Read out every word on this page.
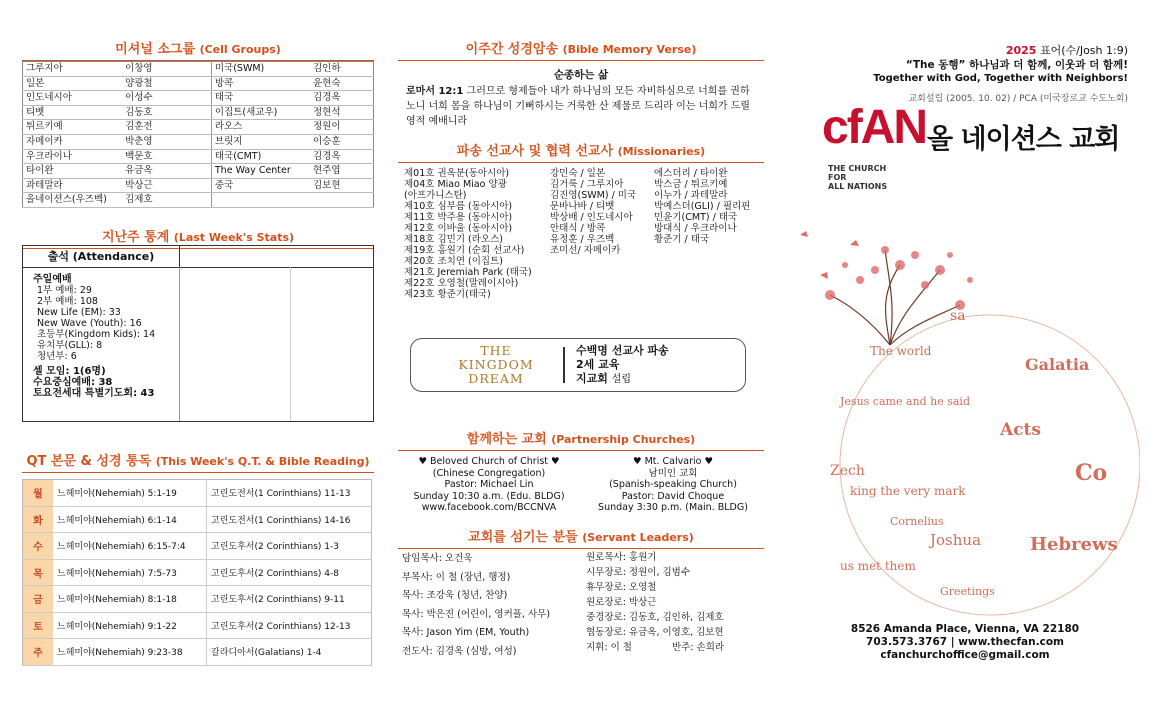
미셔널 소그룹 (Cell Groups)
그루지아	이창영	미국(SWM)	김인하
일본	양광철	방콕	윤현숙
인도네시아	이성수	태국	김경옥
티벳	김동호	이집트(새교우)	정현석
튀르키예	김훈전	라오스	정원이
자메이카	박춘영	브릿지	이승훈
우크라이나	백문호	태국(CMT)	김경옥
타이완	유금옥	The Way Center	현주엽
과테말라	박상근	중국	김보현
올네이션스(우즈벡)	김제호		
지난주 통계 (Last Week's Stats)
출석 (Attendance)
주일예배
1부 예배: 29
2부 예배: 108
New Life (EM): 33
New Wave (Youth): 16
초등부(Kingdom Kids): 14
유치부(GLL): 8
청년부: 6
셀 모임: 1(6명)
수요중심예배: 38
토요전세대 특별기도회: 43
QT 본문 & 성경 통독 (This Week's Q.T. & Bible Reading)
월	느헤미야(Nehemiah) 5:1-19	고린도전서(1 Corinthians) 11-13
화	느헤미야(Nehemiah) 6:1-14	고린도전서(1 Corinthians) 14-16
수	느헤미야(Nehemiah) 6:15-7:4	고린도후서(2 Corinthians) 1-3
목	느헤미야(Nehemiah) 7:5-73	고린도후서(2 Corinthians) 4-8
금	느헤미야(Nehemiah) 8:1-18	고린도후서(2 Corinthians) 9-11
토	느헤미야(Nehemiah) 9:1-22	고린도후서(2 Corinthians) 12-13
주	느헤미야(Nehemiah) 9:23-38	갈라디아서(Galatians) 1-4
이주간 성경암송 (Bible Memory Verse)
순종하는 삶
로마서 12:1 그러므로 형제들아 내가 하나님의 모든 자비하심으로 너희를 권하노니 너희 몸을 하나님이 기뻐하시는 거룩한 산 제물로 드리라 이는 너희가 드릴 영적 예배니라
파송 선교사 및 협력 선교사 (Missionaries)
제01호 권옥분(동아시아)
제04호 Miao Miao 양광
(아프가니스탄)
제10호 심부름 (동아시아)
제11호 박주용 (동아시아)
제12호 이바울 (동아시아)
제18호 김민기 (라오스)
제19호 홍원기 (순회 선교사)
제20호 조치연 (이집트)
제21호 Jeremiah Park (태국)
제22호 오영철(말레이시아)
제23호 황준기(태국)
강민숙 / 일본
김거룩 / 그루지아
김진영(SWM) / 미국
문바나바 / 티벳
박상배 / 인도네시아
안태식 / 방콕
유정훈 / 우즈벡
조미선/ 자메이카
에스더리 / 타이완
박스금 / 튀르키예
이누가 / 과테말라
박예스더(GLI) / 필리핀
민윤기(CMT) / 태국
방대식 / 우크라이나
황준기 / 태국
THE
KINGDOM
DREAM
수백명 선교사 파송
2세 교육
지교회 설립
함께하는 교회 (Partnership Churches)
♥ Beloved Church of Christ ♥
(Chinese Congregation)
Pastor: Michael Lin
Sunday 10:30 a.m. (Edu. BLDG)
www.facebook.com/BCCNVA
♥ Mt. Calvario ♥
남미인 교회
(Spanish-speaking Church)
Pastor: David Choque
Sunday 3:30 p.m. (Main. BLDG)
교회를 섬기는 분들 (Servant Leaders)
담임목사: 오건욱
부목사: 이 철 (장년, 행정)
목사: 조강욱 (청년, 찬양)
목사: 박은진 (어린이, 영커플, 사무)
목사: Jason Yim (EM, Youth)
전도사: 김경옥 (심방, 여성)
원로목사: 홍원기
시무장로: 정원이, 김범수
휴무장로: 오영철
원로장로: 박상근
중경장로: 김동호, 김인하, 김제호
협동장로: 유금옥, 이영호, 김보현
지휘: 이 철	반주: 손희라
2025 표어(수/Josh 1:9)
“The 동행” 하나님과 더 함께, 이웃과 더 함께!
Together with God, Together with Neighbors!
교회설립 (2005. 10. 02) / PCA (미국장로교 수도노회)
cfAN 올 네이션스 교회
THE CHURCH
FOR
ALL NATIONS
sa
The world
Galatia
Jesus came and he said
Acts
Zech
king the very mark
Co
Cornelius
Joshua
us met them
Hebrews
Greetings
8526 Amanda Place, Vienna, VA 22180
703.573.3767 | www.thecfan.com
cfanchurchoffice@gmail.com
